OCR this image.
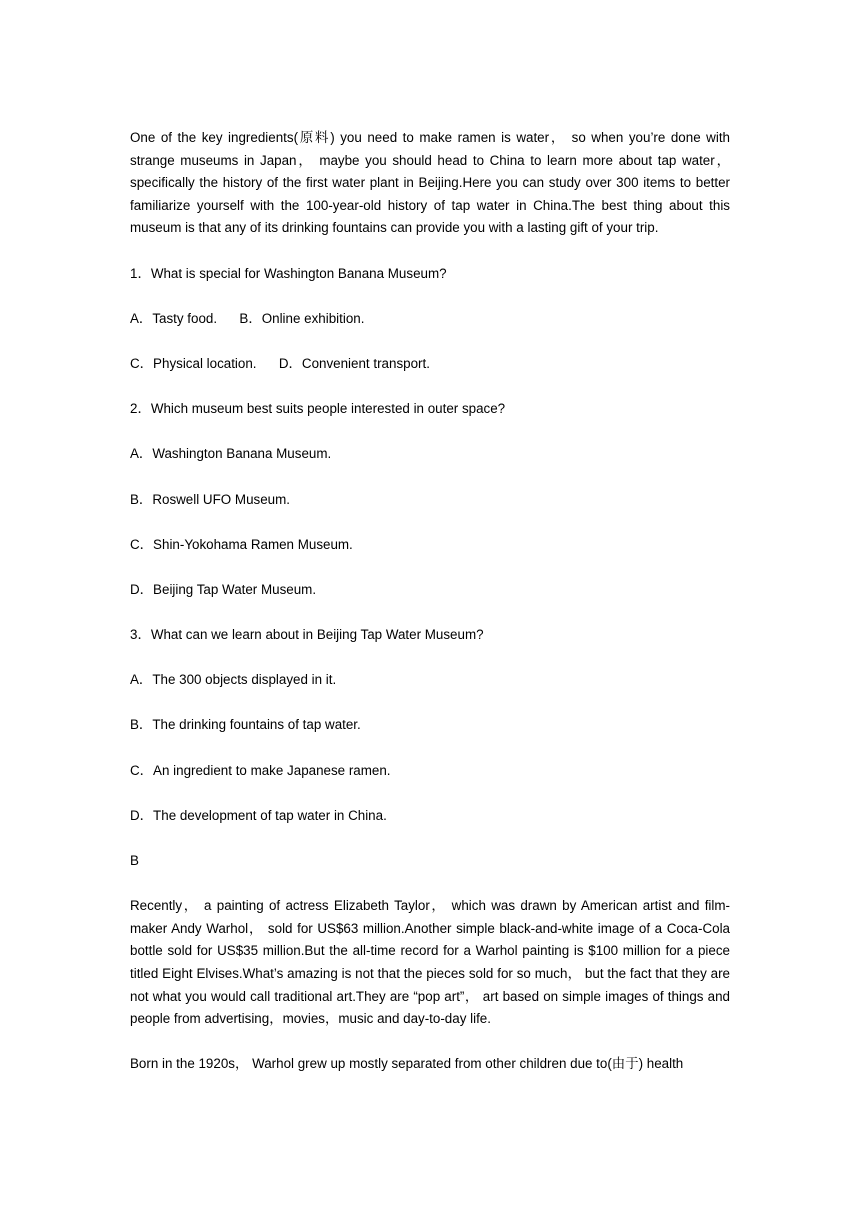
One of the key ingredients(原料) you need to make ramen is water， so when you’re done with strange museums in Japan， maybe you should head to China to learn more about tap water， specifically the history of the first water plant in Beijing.Here you can study over 300 items to better familiarize yourself with the 100-year-old history of tap water in China.The best thing about this museum is that any of its drinking fountains can provide you with a lasting gift of your trip.

1．What is special for Washington Banana Museum?

A．Tasty food.      B．Online exhibition.

C．Physical location.      D．Convenient transport.

2．Which museum best suits people interested in outer space?

A．Washington Banana Museum.

B．Roswell UFO Museum.

C．Shin-Yokohama Ramen Museum.

D．Beijing Tap Water Museum.

3．What can we learn about in Beijing Tap Water Museum?

A．The 300 objects displayed in it.

B．The drinking fountains of tap water.

C．An ingredient to make Japanese ramen.

D．The development of tap water in China.

B

Recently， a painting of actress Elizabeth Taylor， which was drawn by American artist and film-maker Andy Warhol， sold for US$63 million.Another simple black-and-white image of a Coca-Cola bottle sold for US$35 million.But the all-time record for a Warhol painting is $100 million for a piece titled Eight Elvises.What’s amazing is not that the pieces sold for so much， but the fact that they are not what you would call traditional art.They are “pop art”， art based on simple images of things and people from advertising，movies，music and day-to-day life.

Born in the 1920s， Warhol grew up mostly separated from other children due to(由于) health
